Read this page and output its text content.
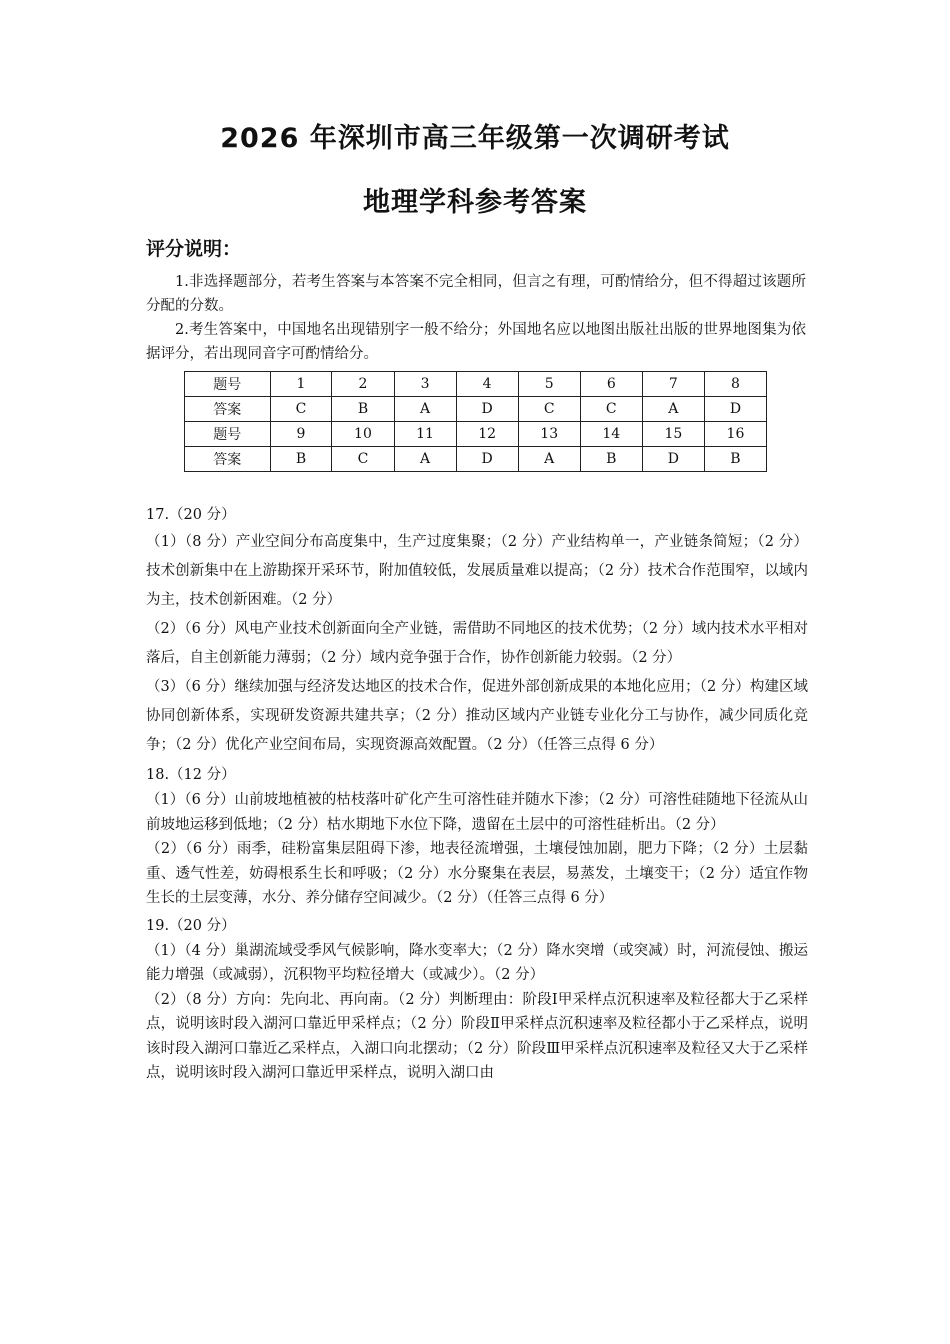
2026 年深圳市高三年级第一次调研考试
地理学科参考答案
评分说明：

1.非选择题部分，若考生答案与本答案不完全相同，但言之有理，可酌情给分，但不得超过该题所分配的分数。

2.考生答案中，中国地名出现错别字一般不给分；外国地名应以地图出版社出版的世界地图集为依据评分，若出现同音字可酌情给分。

题号	1	2	3	4	5	6	7	8
答案	C	B	A	D	C	C	A	D
题号	9	10	11	12	13	14	15	16
答案	B	C	A	D	A	B	D	B

17.（20 分）

（1）（8 分）产业空间分布高度集中，生产过度集聚；（2 分）产业结构单一，产业链条简短；（2 分）技术创新集中在上游勘探开采环节，附加值较低，发展质量难以提高；（2 分）技术合作范围窄，以域内为主，技术创新困难。（2 分）

（2）（6 分）风电产业技术创新面向全产业链，需借助不同地区的技术优势；（2 分）域内技术水平相对落后，自主创新能力薄弱；（2 分）域内竞争强于合作，协作创新能力较弱。（2 分）

（3）（6 分）继续加强与经济发达地区的技术合作，促进外部创新成果的本地化应用；（2 分）构建区域协同创新体系，实现研发资源共建共享；（2 分）推动区域内产业链专业化分工与协作，减少同质化竞争；（2 分）优化产业空间布局，实现资源高效配置。（2 分）（任答三点得 6 分）

18.（12 分）

（1）（6 分）山前坡地植被的枯枝落叶矿化产生可溶性硅并随水下渗；（2 分）可溶性硅随地下径流从山前坡地运移到低地；（2 分）枯水期地下水位下降，遗留在土层中的可溶性硅析出。（2 分）

（2）（6 分）雨季，硅粉富集层阻碍下渗，地表径流增强，土壤侵蚀加剧，肥力下降；（2 分）土层黏重、透气性差，妨碍根系生长和呼吸；（2 分）水分聚集在表层，易蒸发，土壤变干；（2 分）适宜作物生长的土层变薄，水分、养分储存空间减少。（2 分）（任答三点得 6 分）

19.（20 分）

（1）（4 分）巢湖流域受季风气候影响，降水变率大；（2 分）降水突增（或突减）时，河流侵蚀、搬运能力增强（或减弱），沉积物平均粒径增大（或减少）。（2 分）

（2）（8 分）方向：先向北、再向南。（2 分）判断理由：阶段Ⅰ甲采样点沉积速率及粒径都大于乙采样点，说明该时段入湖河口靠近甲采样点；（2 分）阶段Ⅱ甲采样点沉积速率及粒径都小于乙采样点，说明该时段入湖河口靠近乙采样点，入湖口向北摆动；（2 分）阶段Ⅲ甲采样点沉积速率及粒径又大于乙采样点，说明该时段入湖河口靠近甲采样点，说明入湖口由
